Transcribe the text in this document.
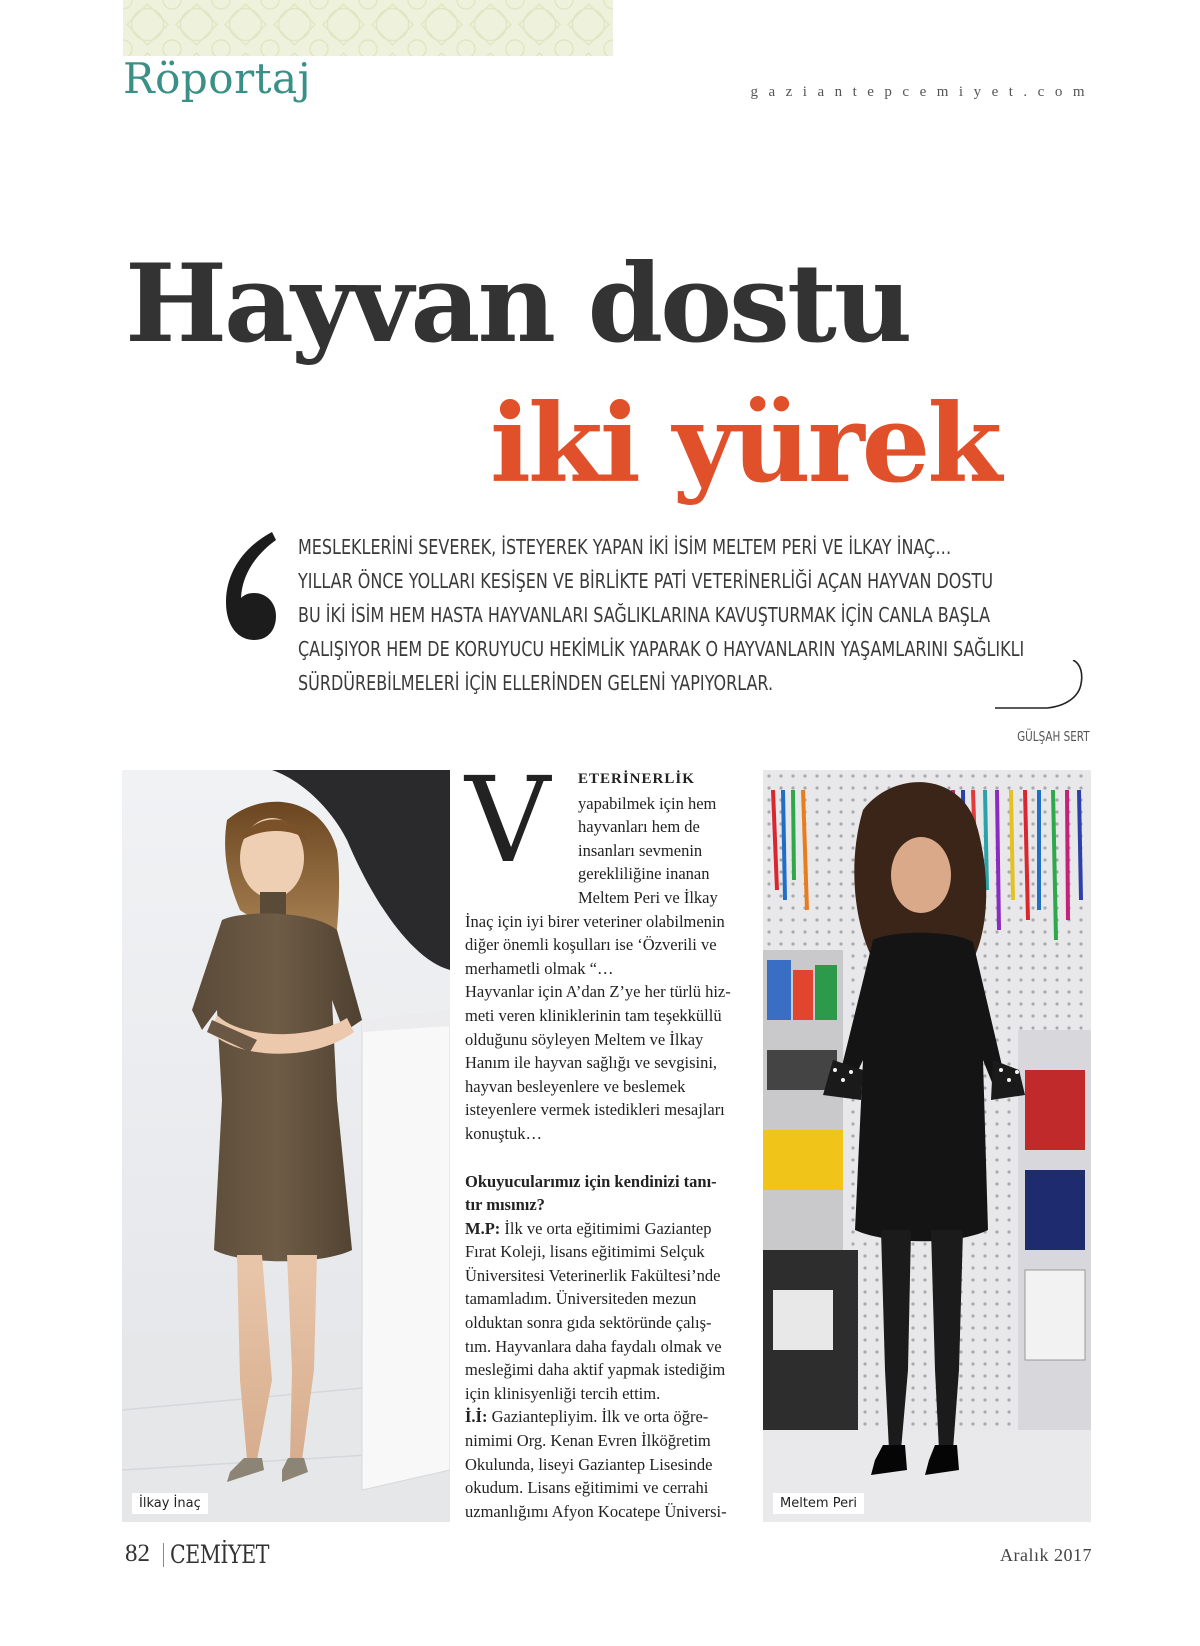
Röportaj	gaziantepcemiyet.com
Hayvan dostu
iki yürek
MESLEKLERİNİ SEVEREK, İSTEYEREK YAPAN İKİ İSİM MELTEM PERİ VE İLKAY İNAÇ…
YILLAR ÖNCE YOLLARI KESİŞEN VE BİRLİKTE PATİ VETERİNERLİĞİ AÇAN HAYVAN DOSTU
BU İKİ İSİM HEM HASTA HAYVANLARI SAĞLIKLARINA KAVUŞTURMAK İÇİN CANLA BAŞLA
ÇALIŞIYOR HEM DE KORUYUCU HEKİMLİK YAPARAK O HAYVANLARIN YAŞAMLARINI SAĞLIKLI
SÜRDÜREBİLMELERİ İÇİN ELLERİNDEN GELENİ YAPIYORLAR.
GÜLŞAH SERT
İlkay İnaç	Meltem Peri
V	ETERİNERLİK
yapabilmek için hem
hayvanları hem de
insanları sevmenin
gerekliliğine inanan
Meltem Peri ve İlkay
İnaç için iyi birer veteriner olabilmenin
diğer önemli koşulları ise ‘Özverili ve
merhametli olmak “…
Hayvanlar için A’dan Z’ye her türlü hiz-
meti veren kliniklerinin tam teşekküllü
olduğunu söyleyen Meltem ve İlkay
Hanım ile hayvan sağlığı ve sevgisini,
hayvan besleyenlere ve beslemek
isteyenlere vermek istedikleri mesajları
konuştuk…
Okuyucularımız için kendinizi tanı-
tır mısınız?
M.P: İlk ve orta eğitimimi Gaziantep
Fırat Koleji, lisans eğitimimi Selçuk
Üniversitesi Veterinerlik Fakültesi’nde
tamamladım. Üniversiteden mezun
olduktan sonra gıda sektöründe çalış-
tım. Hayvanlara daha faydalı olmak ve
mesleğimi daha aktif yapmak istediğim
için klinisyenliği tercih ettim.
İ.İ: Gaziantepliyim. İlk ve orta öğre-
nimimi Org. Kenan Evren İlköğretim
Okulunda, liseyi Gaziantep Lisesinde
okudum. Lisans eğitimimi ve cerrahi
uzmanlığımı Afyon Kocatepe Üniversi-
82 CEMİYET	Aralık 2017
